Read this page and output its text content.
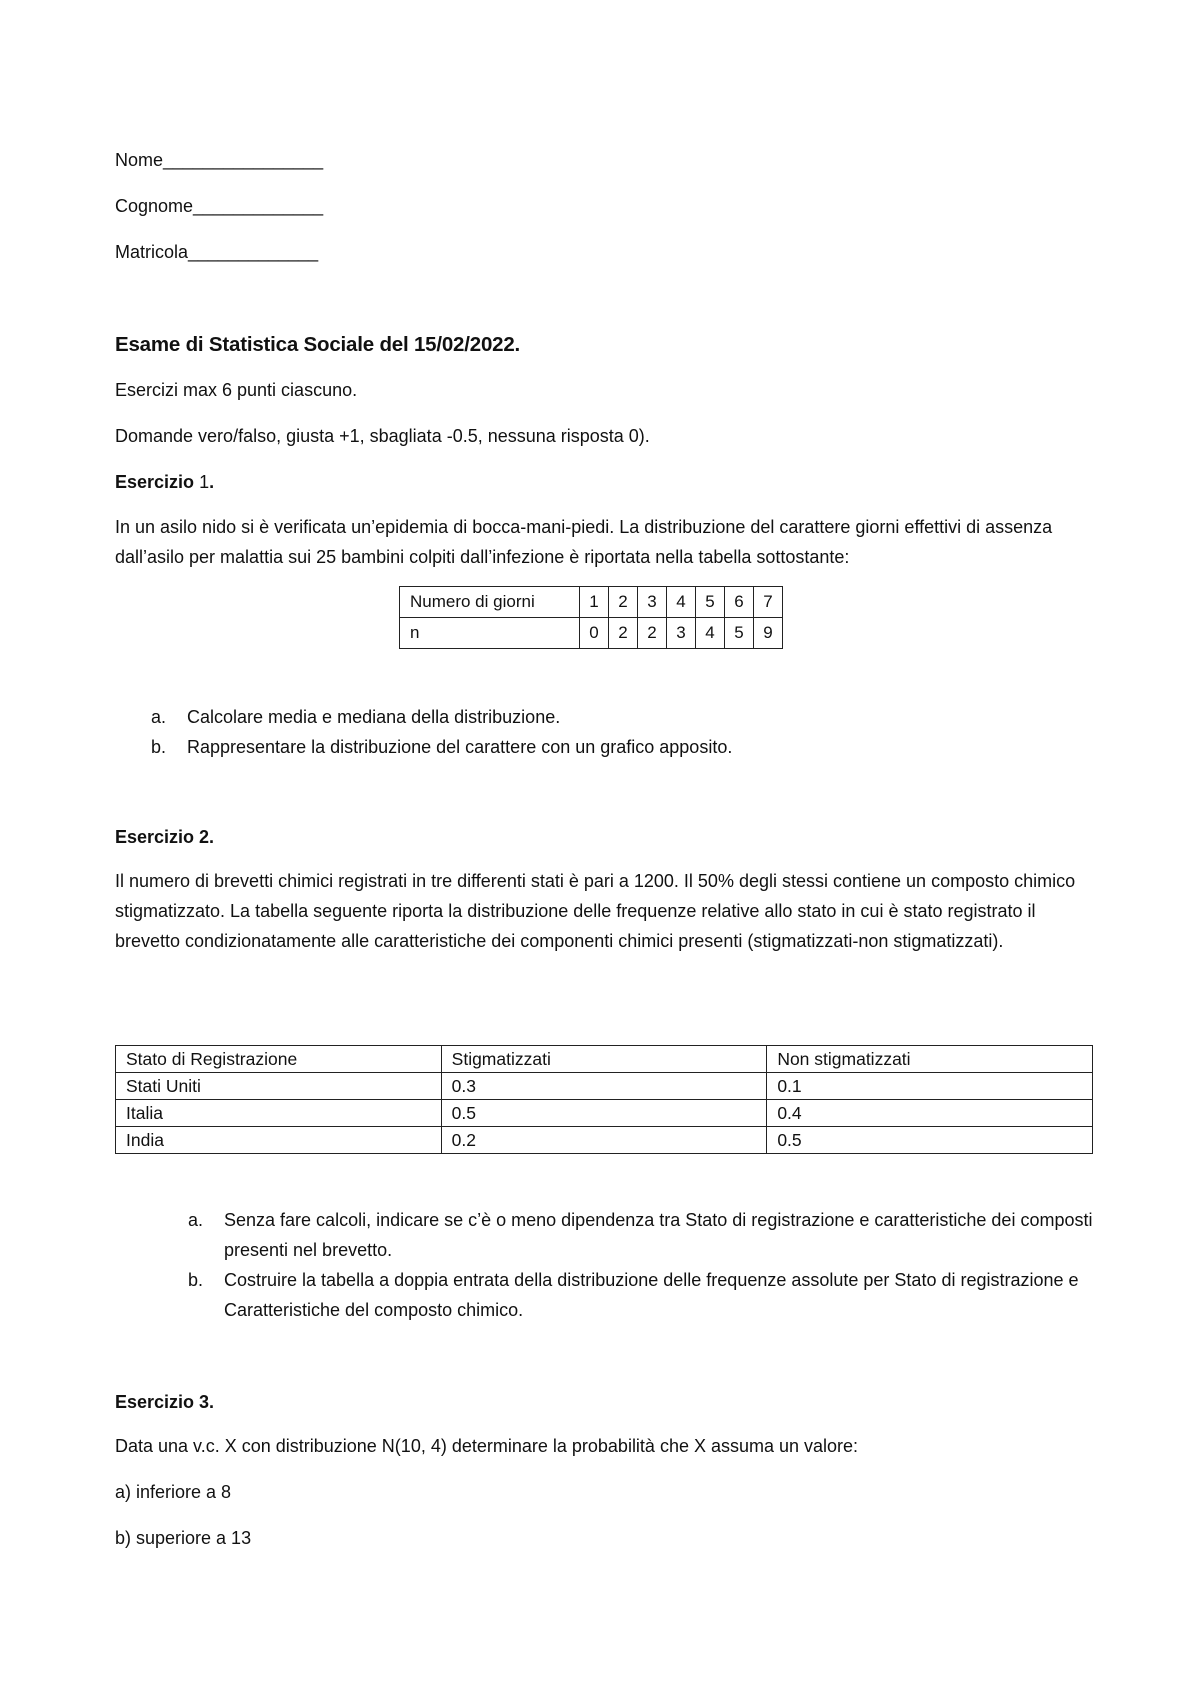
Nome________________
Cognome_____________
Matricola_____________
Esame di Statistica Sociale del 15/02/2022.
Esercizi max 6 punti ciascuno.
Domande vero/falso, giusta +1, sbagliata -0.5, nessuna risposta 0).
Esercizio 1.
In un asilo nido si è verificata un’epidemia di bocca-mani-piedi. La distribuzione del carattere giorni effettivi di assenza dall’asilo per malattia sui 25 bambini colpiti dall’infezione è riportata nella tabella sottostante:
Numero di giorni	1	2	3	4	5	6	7
n	0	2	2	3	4	5	9
a. Calcolare media e mediana della distribuzione.
b. Rappresentare la distribuzione del carattere con un grafico apposito.
Esercizio 2.
Il numero di brevetti chimici registrati in tre differenti stati è pari a 1200. Il 50% degli stessi contiene un composto chimico stigmatizzato. La tabella seguente riporta la distribuzione delle frequenze relative allo stato in cui è stato registrato il brevetto condizionatamente alle caratteristiche dei componenti chimici presenti (stigmatizzati-non stigmatizzati).
Stato di Registrazione	Stigmatizzati	Non stigmatizzati
Stati Uniti	0.3	0.1
Italia	0.5	0.4
India	0.2	0.5
a. Senza fare calcoli, indicare se c’è o meno dipendenza tra Stato di registrazione e caratteristiche dei composti presenti nel brevetto.
b. Costruire la tabella a doppia entrata della distribuzione delle frequenze assolute per Stato di registrazione e Caratteristiche del composto chimico.
Esercizio 3.
Data una v.c. X con distribuzione N(10, 4) determinare la probabilità che X assuma un valore:
a) inferiore a 8
b) superiore a 13
